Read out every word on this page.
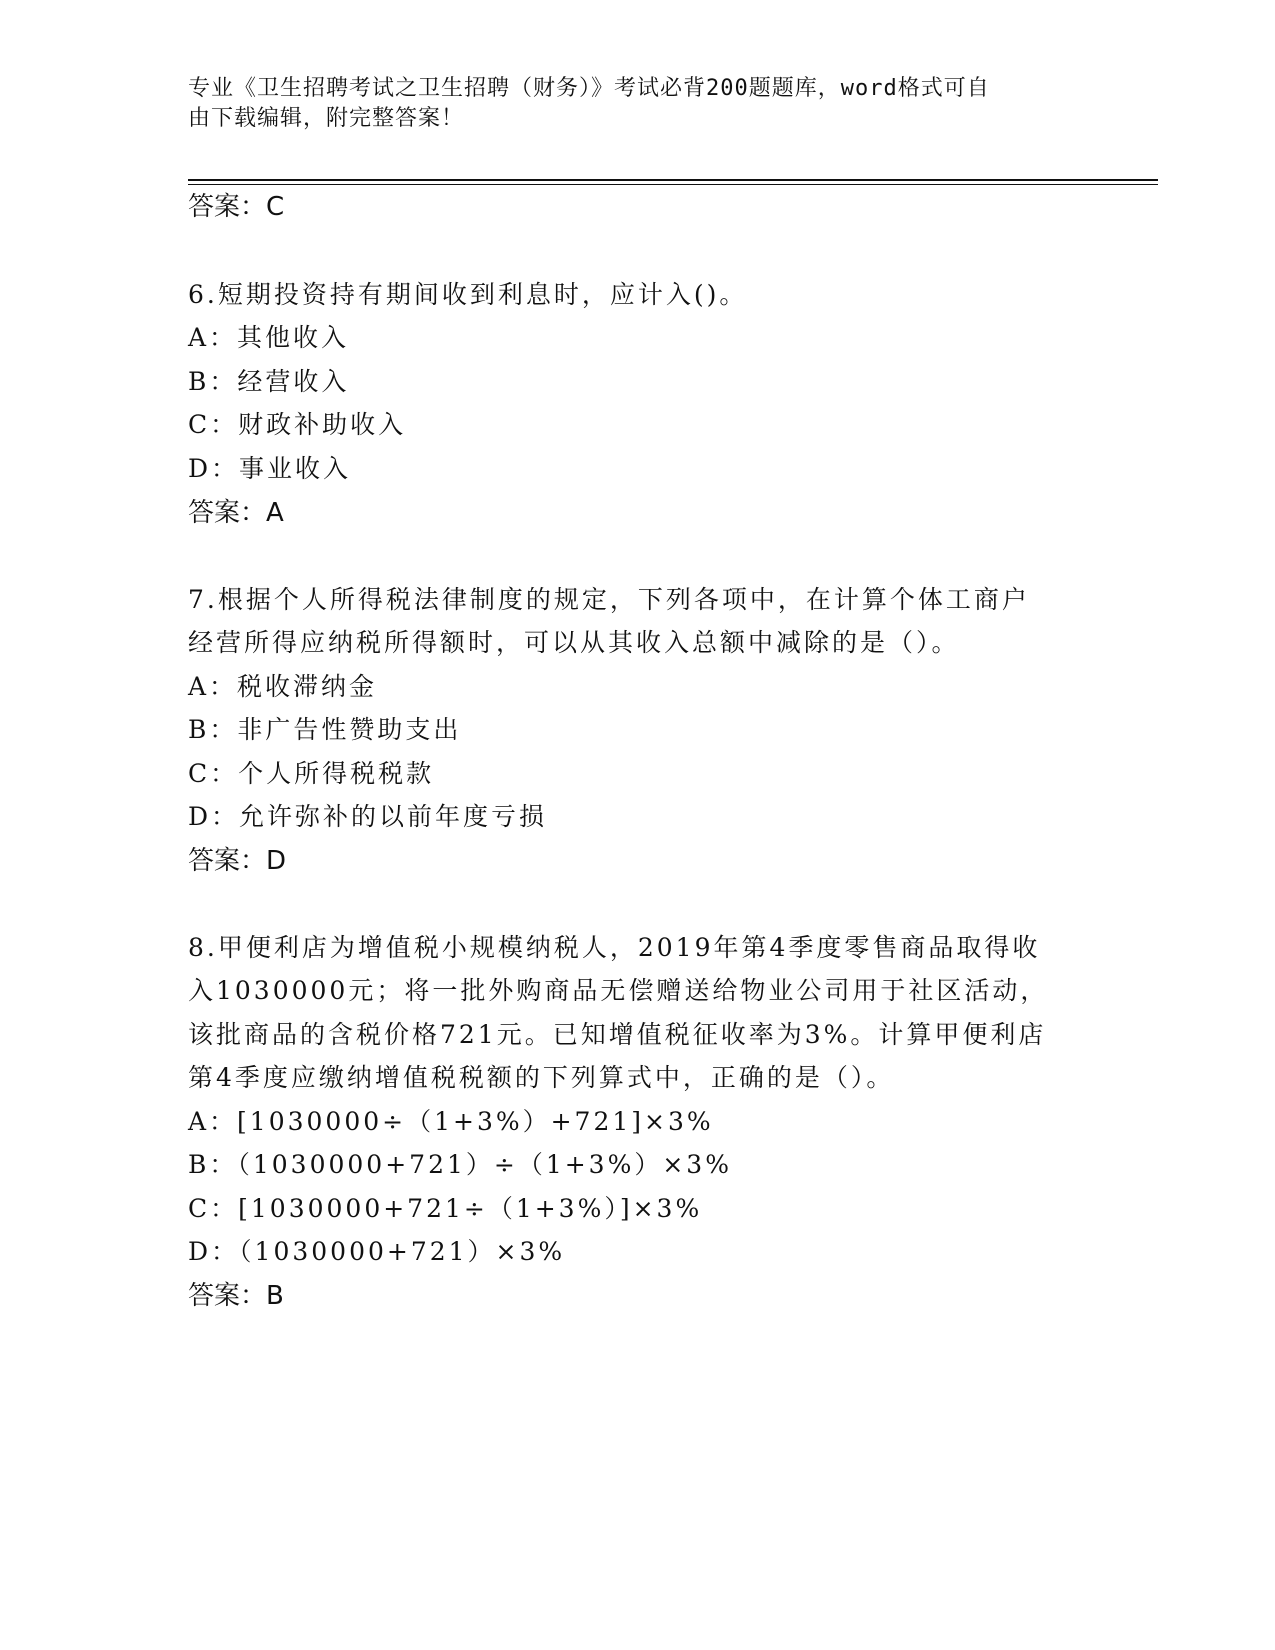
专业《卫生招聘考试之卫生招聘（财务）》考试必背200题题库，word格式可自
由下载编辑，附完整答案！
答案：C
6.短期投资持有期间收到利息时，应计入()。
A：其他收入
B：经营收入
C：财政补助收入
D：事业收入
答案：A
7.根据个人所得税法律制度的规定，下列各项中，在计算个体工商户
经营所得应纳税所得额时，可以从其收入总额中减除的是（）。
A：税收滞纳金
B：非广告性赞助支出
C：个人所得税税款
D：允许弥补的以前年度亏损
答案：D
8.甲便利店为增值税小规模纳税人，2019年第4季度零售商品取得收
入1030000元；将一批外购商品无偿赠送给物业公司用于社区活动，
该批商品的含税价格721元。已知增值税征收率为3%。计算甲便利店
第4季度应缴纳增值税税额的下列算式中，正确的是（）。
A：[1030000÷（1+3%）+721]×3%
B：（1030000+721）÷（1+3%）×3%
C：[1030000+721÷（1+3%）]×3%
D：（1030000+721）×3%
答案：B
